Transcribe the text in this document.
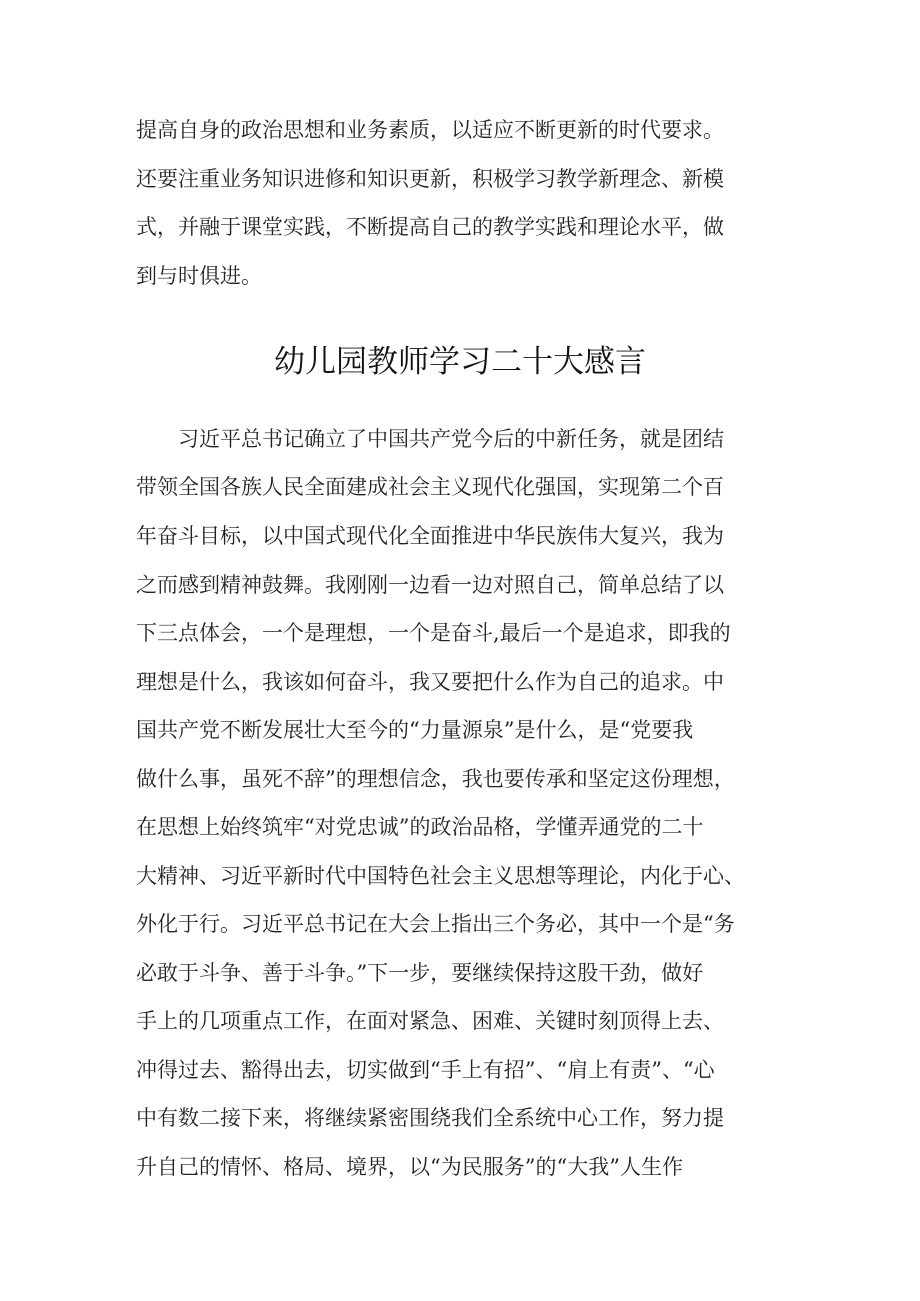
提高自身的政治思想和业务素质，以适应不断更新的时代要求。
还要注重业务知识进修和知识更新，积极学习教学新理念、新模
式，并融于课堂实践，不断提高自己的教学实践和理论水平，做
到与时俱进。
幼儿园教师学习二十大感言
　　习近平总书记确立了中国共产党今后的中新任务，就是团结
带领全国各族人民全面建成社会主义现代化强国，实现第二个百
年奋斗目标，以中国式现代化全面推进中华民族伟大复兴，我为
之而感到精神鼓舞。我刚刚一边看一边对照自己，简单总结了以
下三点体会，一个是理想，一个是奋斗,最后一个是追求，即我的
理想是什么，我该如何奋斗，我又要把什么作为自己的追求。中
国共产党不断发展壮大至今的“力量源泉”是什么，是“党要我
做什么事，虽死不辞”的理想信念，我也要传承和坚定这份理想，
在思想上始终筑牢“对党忠诚”的政治品格，学懂弄通党的二十
大精神、习近平新时代中国特色社会主义思想等理论，内化于心、
外化于行。习近平总书记在大会上指出三个务必，其中一个是“务
必敢于斗争、善于斗争。”下一步，要继续保持这股干劲，做好
手上的几项重点工作，在面对紧急、困难、关键时刻顶得上去、
冲得过去、豁得出去，切实做到“手上有招”、“肩上有责”、“心
中有数二接下来，将继续紧密围绕我们全系统中心工作，努力提
升自己的情怀、格局、境界，以“为民服务”的“大我”人生作
